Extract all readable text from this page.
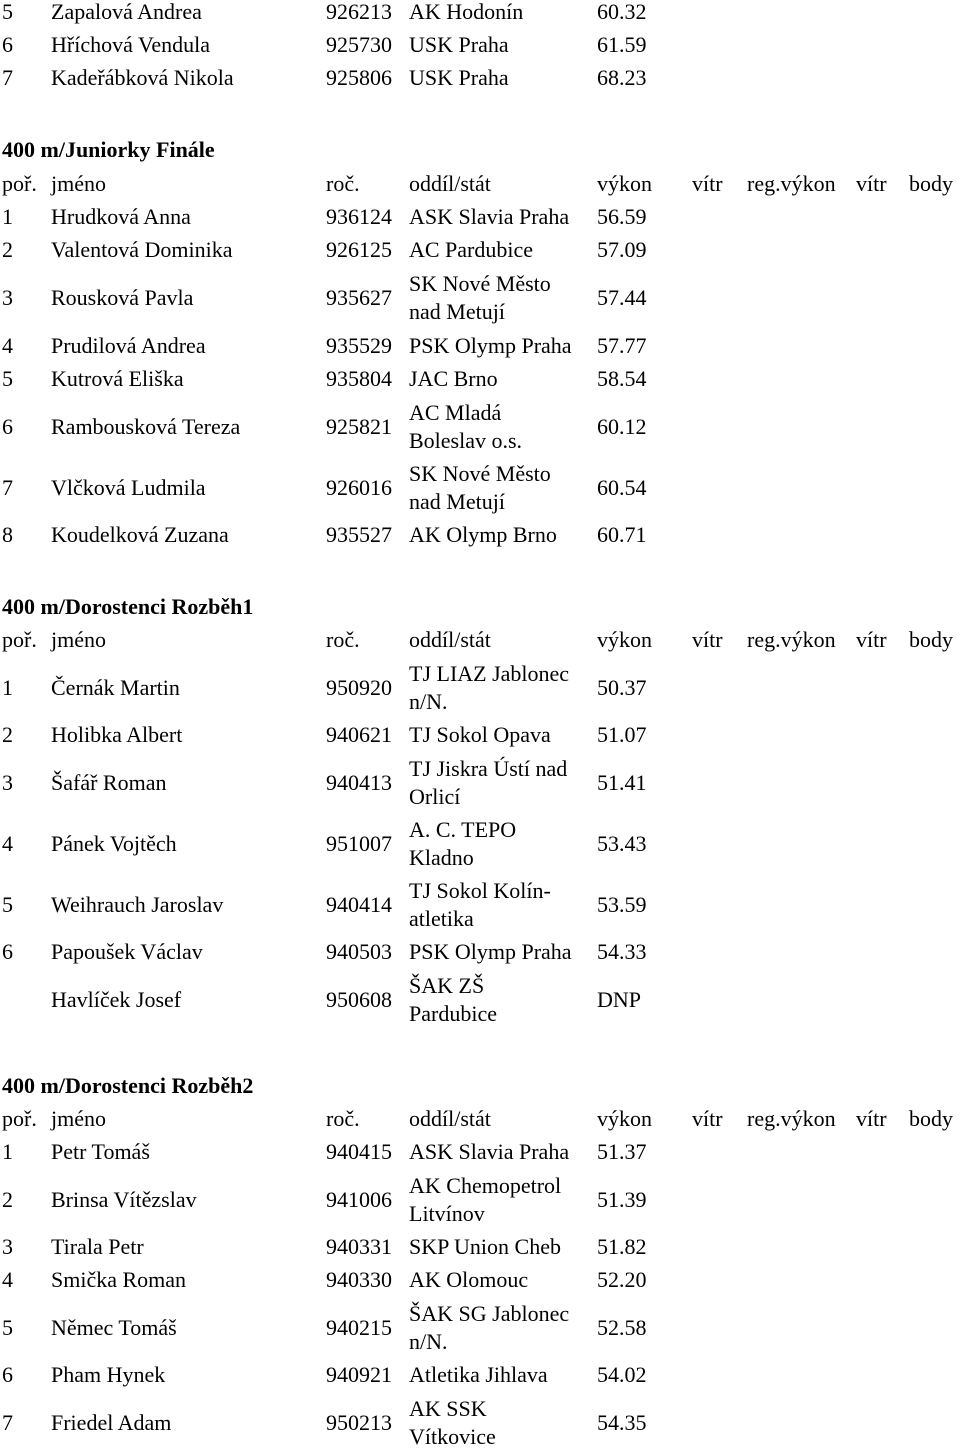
5 Zapalová Andrea	926213 AK Hodonín	60.32
6 Hříchová Vendula	925730 USK Praha	61.59
7 Kadeřábková Nikola	925806 USK Praha	68.23
400 m/Juniorky Finále
poř. jméno	roč. oddíl/stát	výkon vítr reg.výkon vítr body
1 Hrudková Anna	936124 ASK Slavia Praha 56.59
2 Valentová Dominika	926125 AC Pardubice	57.09
3 Rousková Pavla	935627
SK Nové Město
nad Metují
57.44
4 Prudilová Andrea	935529 PSK Olymp Praha 57.77
5 Kutrová Eliška	935804 JAC Brno	58.54
6 Rambousková Tereza	925821
AC Mladá
Boleslav o.s.
60.12
7 Vlčková Ludmila	926016
SK Nové Město
nad Metují
60.54
8 Koudelková Zuzana	935527 AK Olymp Brno 60.71
400 m/Dorostenci Rozběh1
poř. jméno	roč. oddíl/stát	výkon vítr reg.výkon vítr body
1 Černák Martin	950920
TJ LIAZ Jablonec
n/N.
50.37
2 Holibka Albert	940621 TJ Sokol Opava 51.07
3 Šafář Roman	940413
TJ Jiskra Ústí nad
Orlicí
51.41
4 Pánek Vojtěch	951007
A. C. TEPO
Kladno
53.43
5 Weihrauch Jaroslav	940414
TJ Sokol Kolín-
atletika
53.59
6 Papoušek Václav	940503 PSK Olymp Praha 54.33
Havlíček Josef	950608
ŠAK ZŠ
Pardubice
DNP
400 m/Dorostenci Rozběh2
poř. jméno	roč. oddíl/stát	výkon vítr reg.výkon vítr body
1 Petr Tomáš	940415 ASK Slavia Praha 51.37
2 Brinsa Vítězslav	941006
AK Chemopetrol
Litvínov
51.39
3 Tirala Petr	940331 SKP Union Cheb 51.82
4 Smička Roman	940330 AK Olomouc	52.20
5 Němec Tomáš	940215
ŠAK SG Jablonec
n/N.
52.58
6 Pham Hynek	940921 Atletika Jihlava 54.02
7 Friedel Adam	950213
AK SSK
Vítkovice
54.35
